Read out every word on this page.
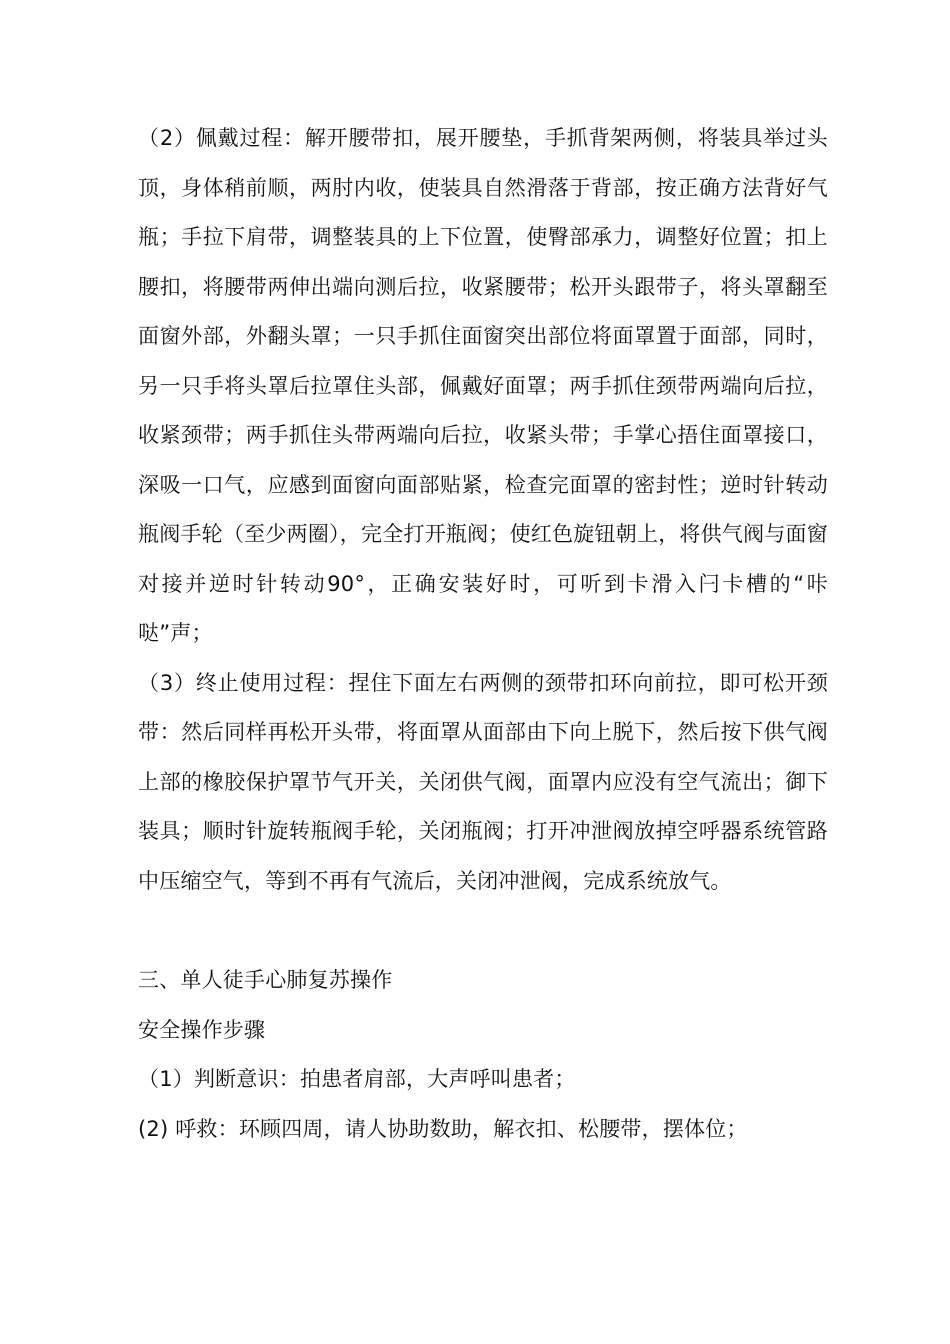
（2）佩戴过程：解开腰带扣，展开腰垫，手抓背架两侧，将装具举过头顶，身体稍前顺，两肘内收，使装具自然滑落于背部，按正确方法背好气瓶；手拉下肩带，调整装具的上下位置，使臀部承力，调整好位置；扣上腰扣，将腰带两伸出端向测后拉，收紧腰带；松开头跟带子，将头罩翻至面窗外部，外翻头罩；一只手抓住面窗突出部位将面罩置于面部，同时，另一只手将头罩后拉罩住头部，佩戴好面罩；两手抓住颈带两端向后拉，收紧颈带；两手抓住头带两端向后拉，收紧头带；手掌心捂住面罩接口，深吸一口气，应感到面窗向面部贴紧，检查完面罩的密封性；逆时针转动瓶阀手轮（至少两圈），完全打开瓶阀；使红色旋钮朝上，将供气阀与面窗对接并逆时针转动90°，正确安装好时，可听到卡滑入闩卡槽的“咔哒”声；

（3）终止使用过程：捏住下面左右两侧的颈带扣环向前拉，即可松开颈带：然后同样再松开头带，将面罩从面部由下向上脱下，然后按下供气阀上部的橡胶保护罩节气开关，关闭供气阀，面罩内应没有空气流出；御下装具；顺时针旋转瓶阀手轮，关闭瓶阀；打开冲泄阀放掉空呼器系统管路中压缩空气，等到不再有气流后，关闭冲泄阀，完成系统放气。

三、单人徒手心肺复苏操作

安全操作步骤

（1）判断意识：拍患者肩部，大声呼叫患者；

(2) 呼救：环顾四周，请人协助数助，解衣扣、松腰带，摆体位；
